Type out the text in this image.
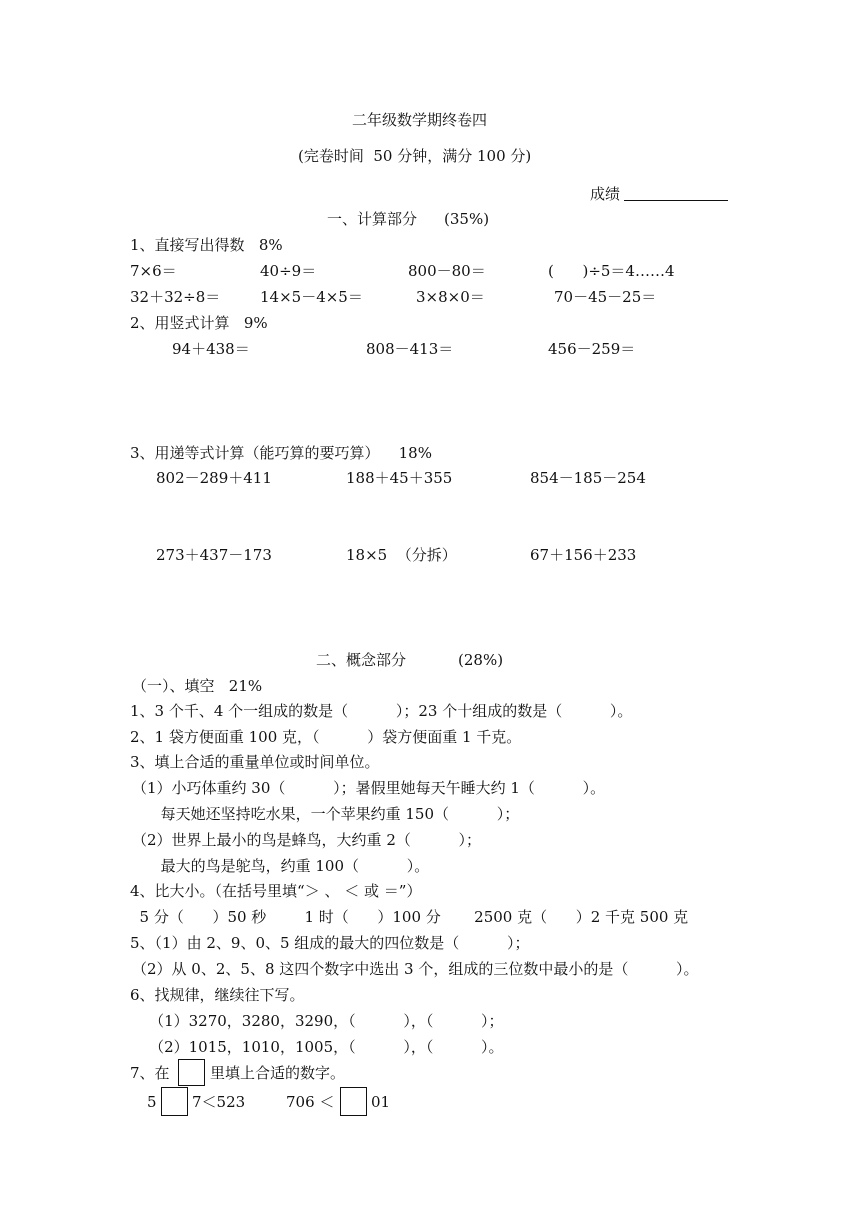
二年级数学期终卷四
(完卷时间  50 分钟，满分 100 分)
成绩
一、计算部分 (35%)
1、直接写出得数   8%
7×6＝	40÷9＝	800－80＝	(      )÷5＝4……4
32＋32÷8＝	14×5－4×5＝	3×8×0＝	70－45－25＝
2、用竖式计算   9%
94＋438＝	808－413＝	456－259＝
3、用递等式计算（能巧算的要巧算）    18%
802－289＋411	188＋45＋355	854－185－254
273＋437－173	18×5  （分拆）	67＋156＋233
二、概念部分	(28%)
（一）、填空   21%
1、3 个千、4 个一组成的数是（          ）；23 个十组成的数是（          ）。
2、1 袋方便面重 100 克，（          ）袋方便面重 1 千克。
3、填上合适的重量单位或时间单位。
（1）小巧体重约 30（          ）；暑假里她每天午睡大约 1（          ）。
每天她还坚持吃水果，一个苹果约重 150（          ）；
（2）世界上最小的鸟是蜂鸟，大约重 2（          ）；
最大的鸟是鸵鸟，约重 100（          ）。
4、比大小。（在括号里填“＞ 、 ＜ 或 ＝”）
5 分（      ）50 秒        1 时（      ）100 分       2500 克（      ）2 千克 500 克
5、（1）由 2、9、0、5 组成的最大的四位数是（          ）；
（2）从 0、2、5、8 这四个数字中选出 3 个，组成的三位数中最小的是（          ）。
6、找规律，继续往下写。
（1）3270，3280，3290，（          ），（          ）；
（2）1015，1010，1005，（          ），（          ）。
7、在	里填上合适的数字。
5 7＜523	706 ＜ 01
